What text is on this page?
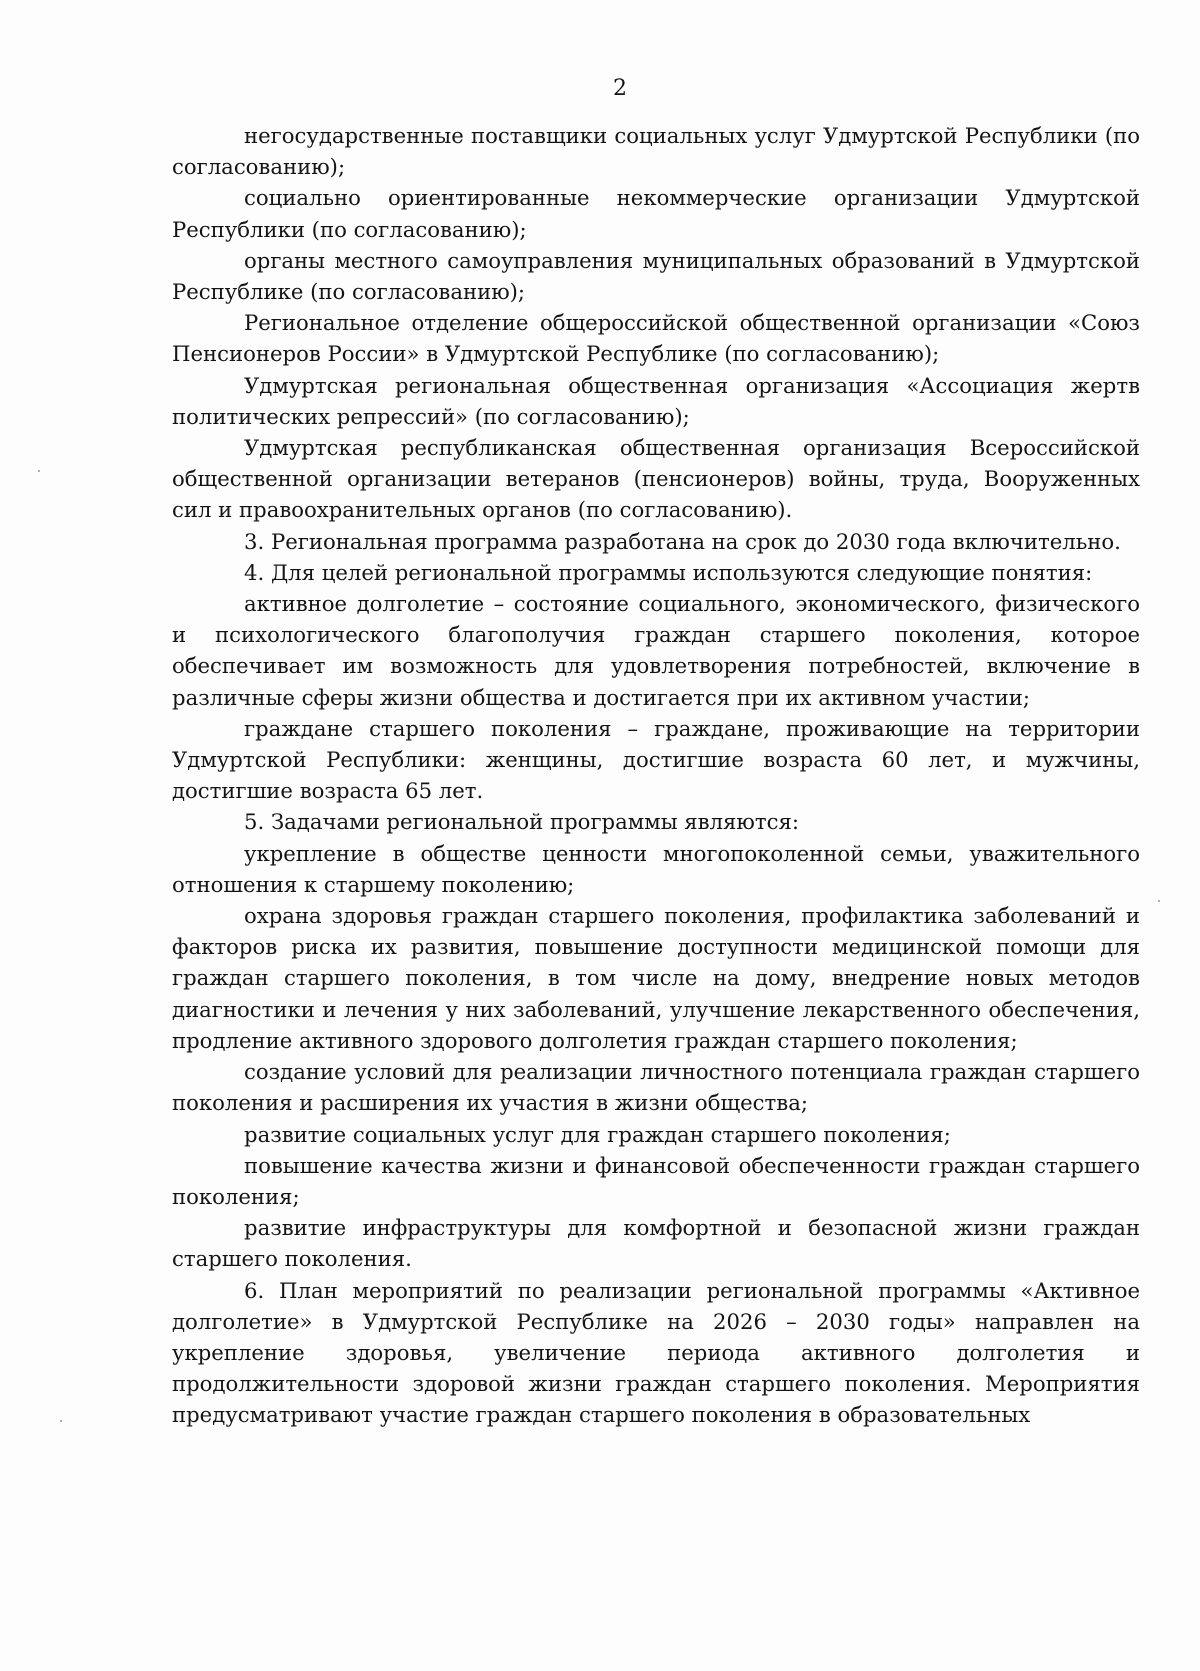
2

негосударственные поставщики социальных услуг Удмуртской Республики (по согласованию);

социально ориентированные некоммерческие организации Удмуртской Республики (по согласованию);

органы местного самоуправления муниципальных образований в Удмуртской Республике (по согласованию);

Региональное отделение общероссийской общественной организации «Союз Пенсионеров России» в Удмуртской Республике (по согласованию);

Удмуртская региональная общественная организация «Ассоциация жертв политических репрессий» (по согласованию);

Удмуртская республиканская общественная организация Всероссийской общественной организации ветеранов (пенсионеров) войны, труда, Вооруженных сил и правоохранительных органов (по согласованию).

3. Региональная программа разработана на срок до 2030 года включительно.

4. Для целей региональной программы используются следующие понятия:

активное долголетие – состояние социального, экономического, физического и психологического благополучия граждан старшего поколения, которое обеспечивает им возможность для удовлетворения потребностей, включение в различные сферы жизни общества и достигается при их активном участии;

граждане старшего поколения – граждане, проживающие на территории Удмуртской Республики: женщины, достигшие возраста 60 лет, и мужчины, достигшие возраста 65 лет.

5. Задачами региональной программы являются:

укрепление в обществе ценности многопоколенной семьи, уважительного отношения к старшему поколению;

охрана здоровья граждан старшего поколения, профилактика заболеваний и факторов риска их развития, повышение доступности медицинской помощи для граждан старшего поколения, в том числе на дому, внедрение новых методов диагностики и лечения у них заболеваний, улучшение лекарственного обеспечения, продление активного здорового долголетия граждан старшего поколения;

создание условий для реализации личностного потенциала граждан старшего поколения и расширения их участия в жизни общества;

развитие социальных услуг для граждан старшего поколения;

повышение качества жизни и финансовой обеспеченности граждан старшего поколения;

развитие инфраструктуры для комфортной и безопасной жизни граждан старшего поколения.

6. План мероприятий по реализации региональной программы «Активное долголетие» в Удмуртской Республике на 2026 – 2030 годы» направлен на укрепление здоровья, увеличение периода активного долголетия и продолжительности здоровой жизни граждан старшего поколения. Мероприятия предусматривают участие граждан старшего поколения в образовательных
